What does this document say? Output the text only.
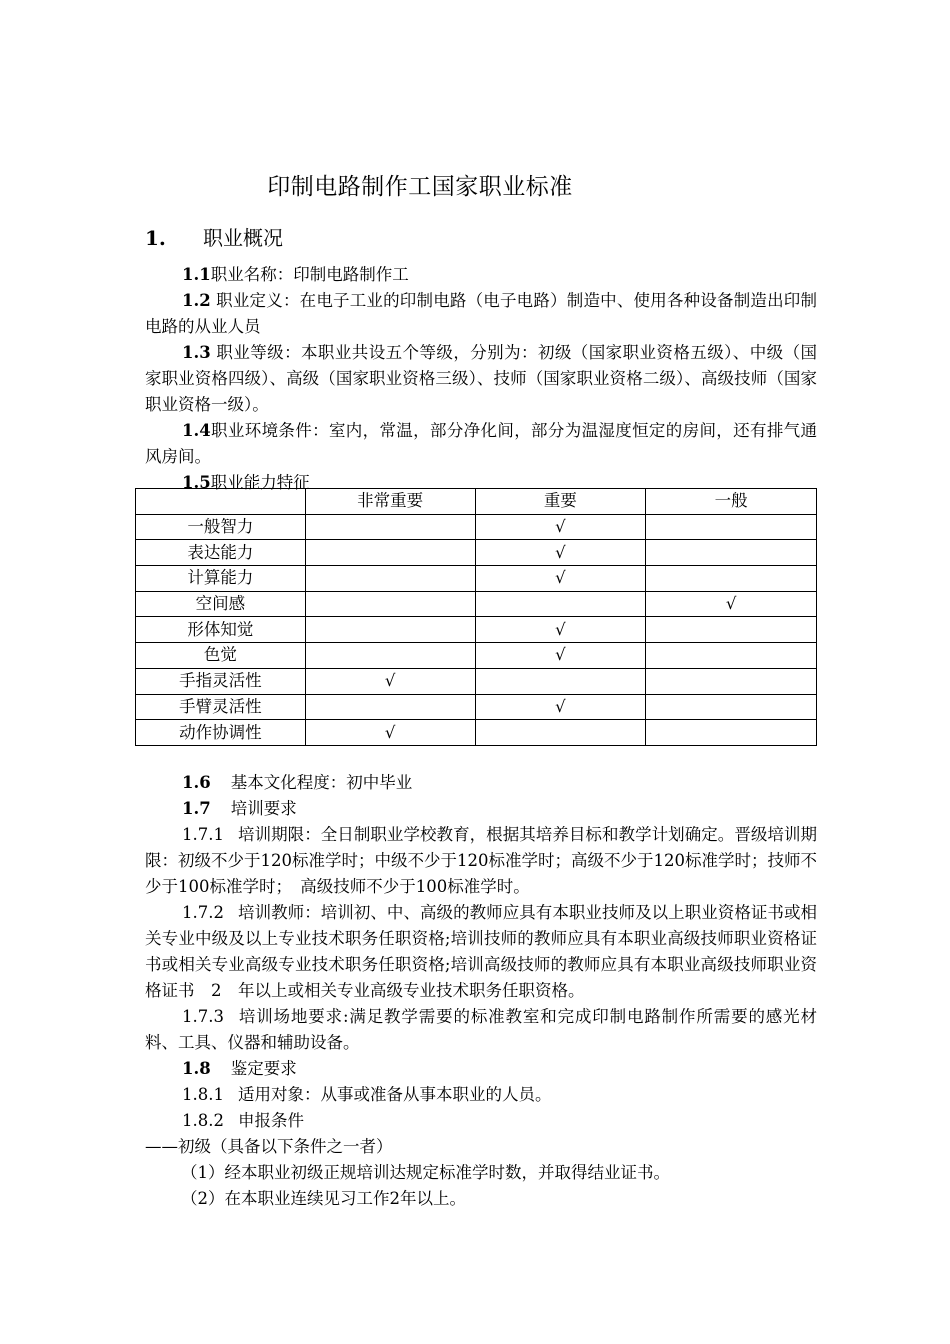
印制电路制作工国家职业标准
1. 职业概况

1.1职业名称：印制电路制作工

1.2 职业定义：在电子工业的印制电路（电子电路）制造中、使用各种设备制造出印制电路的从业人员

1.3 职业等级：本职业共设五个等级，分别为：初级（国家职业资格五级）、中级（国家职业资格四级）、高级（国家职业资格三级）、技师（国家职业资格二级）、高级技师（国家职业资格一级）。

1.4职业环境条件：室内，常温，部分净化间，部分为温湿度恒定的房间，还有排气通风房间。

1.5职业能力特征

	非常重要	重要	一般
一般智力		√	
表达能力		√	
计算能力		√	
空间感			√
形体知觉		√	
色觉		√	
手指灵活性	√		
手臂灵活性		√	
动作协调性	√		

1.6 基本文化程度：初中毕业

1.7 培训要求

1.7.1 培训期限：全日制职业学校教育，根据其培养目标和教学计划确定。晋级培训期限：初级不少于120标准学时；中级不少于120标准学时；高级不少于120标准学时；技师不少于100标准学时；　高级技师不少于100标准学时。

1.7.2 培训教师：培训初、中、高级的教师应具有本职业技师及以上职业资格证书或相关专业中级及以上专业技术职务任职资格;培训技师的教师应具有本职业高级技师职业资格证书或相关专业高级专业技术职务任职资格;培训高级技师的教师应具有本职业高级技师职业资格证书　2　年以上或相关专业高级专业技术职务任职资格。

1.7.3 培训场地要求:满足教学需要的标准教室和完成印制电路制作所需要的感光材料、工具、仪器和辅助设备。

1.8 鉴定要求

1.8.1 适用对象：从事或准备从事本职业的人员。

1.8.2 申报条件

——初级（具备以下条件之一者）

（1）经本职业初级正规培训达规定标准学时数，并取得结业证书。

（2）在本职业连续见习工作2年以上。
